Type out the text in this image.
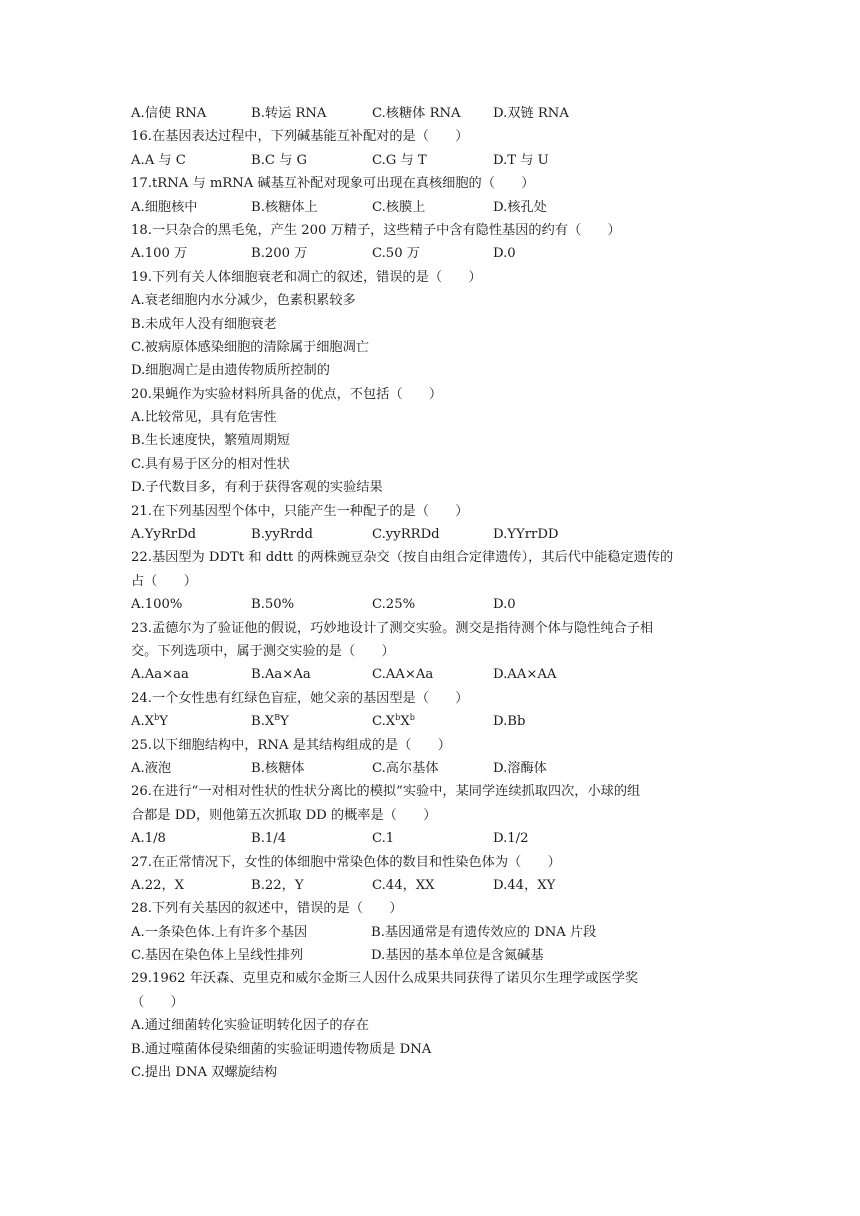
A.信使 RNA	B.转运 RNA	C.核糖体 RNA D.双链 RNA
16.在基因表达过程中，下列碱基能互补配对的是（　　）
A.A 与 C	B.C 与 G	C.G 与 T	D.T 与 U
17.tRNA 与 mRNA 碱基互补配对现象可出现在真核细胞的（　　）
A.细胞核中	B.核糖体上	C.核膜上	D.核孔处
18.一只杂合的黑毛兔，产生 200 万精子，这些精子中含有隐性基因的约有（　　）
A.100 万	B.200 万	C.50 万	D.0
19.下列有关人体细胞衰老和凋亡的叙述，错误的是（　　）
A.衰老细胞内水分减少，色素积累较多
B.未成年人没有细胞衰老
C.被病原体感染细胞的清除属于细胞凋亡
D.细胞凋亡是由遗传物质所控制的
20.果蝇作为实验材料所具备的优点，不包括（　　）
A.比较常见，具有危害性
B.生长速度快，繁殖周期短
C.具有易于区分的相对性状
D.子代数目多，有利于获得客观的实验结果
21.在下列基因型个体中，只能产生一种配子的是（　　）
A.YyRrDd	B.yyRrdd	C.yyRRDd	D.YYrrDD
22.基因型为 DDTt 和 ddtt 的两株豌豆杂交（按自由组合定律遗传），其后代中能稳定遗传的
占（　　）
A.100%	B.50%	C.25%	D.0
23.孟德尔为了验证他的假说，巧妙地设计了测交实验。测交是指待测个体与隐性纯合子相
交。下列选项中，属于测交实验的是（　　）
A.Aa×aa	B.Aa×Aa	C.AA×Aa	D.AA×AA
24.一个女性患有红绿色盲症，她父亲的基因型是（　　）
$A.X^bY$	$B.X^BY$	$C.X^bX^b$	D.Bb
25.以下细胞结构中，RNA 是其结构组成的是（　　）
A.液泡	B.核糖体	C.高尔基体	D.溶酶体
26.在进行“一对相对性状的性状分离比的模拟”实验中，某同学连续抓取四次，小球的组
合都是 DD，则他第五次抓取 DD 的概率是（　　）
A.1/8	B.1/4	C.1	D.1/2
27.在正常情况下，女性的体细胞中常染色体的数目和性染色体为（　　）
A.22，X	B.22，Y	C.44，XX	D.44，XY
28.下列有关基因的叙述中，错误的是（　　）
A.一条染色体.上有许多个基因	B.基因通常是有遗传效应的 DNA 片段
C.基因在染色体上呈线性排列	D.基因的基本单位是含氮碱基
29.1962 年沃森、克里克和威尔金斯三人因什么成果共同获得了诺贝尔生理学或医学奖
（　　）
A.通过细菌转化实验证明转化因子的存在
B.通过噬菌体侵染细菌的实验证明遗传物质是 DNA
C.提出 DNA 双螺旋结构
